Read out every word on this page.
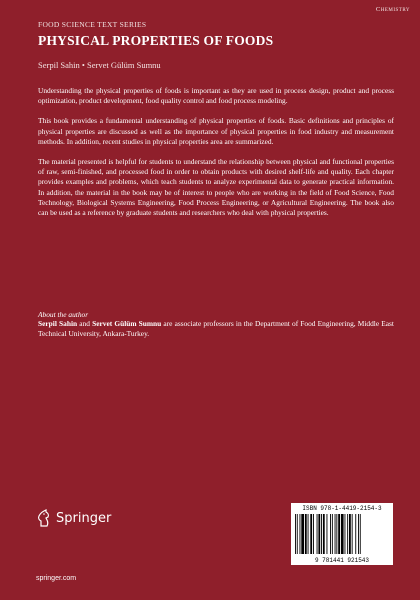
Chemistry
FOOD SCIENCE TEXT SERIES
PHYSICAL PROPERTIES OF FOODS
Serpil Sahin • Servet Gülüm Sumnu

Understanding the physical properties of foods is important as they are used in process design, product and process optimization, product development, food quality control and food process modeling.

This book provides a fundamental understanding of physical properties of foods. Basic definitions and principles of physical properties are discussed as well as the importance of physical properties in food industry and measurement methods. In addition, recent studies in physical properties area are summarized.

The material presented is helpful for students to understand the relationship between physical and functional properties of raw, semi-finished, and processed food in order to obtain products with desired shelf-life and quality. Each chapter provides examples and problems, which teach students to analyze experimental data to generate practical information. In addition, the material in the book may be of interest to people who are working in the field of Food Science, Food Technology, Biological Systems Engineering, Food Process Engineering, or Agricultural Engineering. The book also can be used as a reference by graduate students and researchers who deal with physical properties.

About the author
Serpil Sahin and Servet Gülüm Sumnu are associate professors in the Department of Food Engineering, Middle East Technical University, Ankara-Turkey.
Springer
springer.com
ISBN 978-1-4419-2154-3
9 781441 921543
